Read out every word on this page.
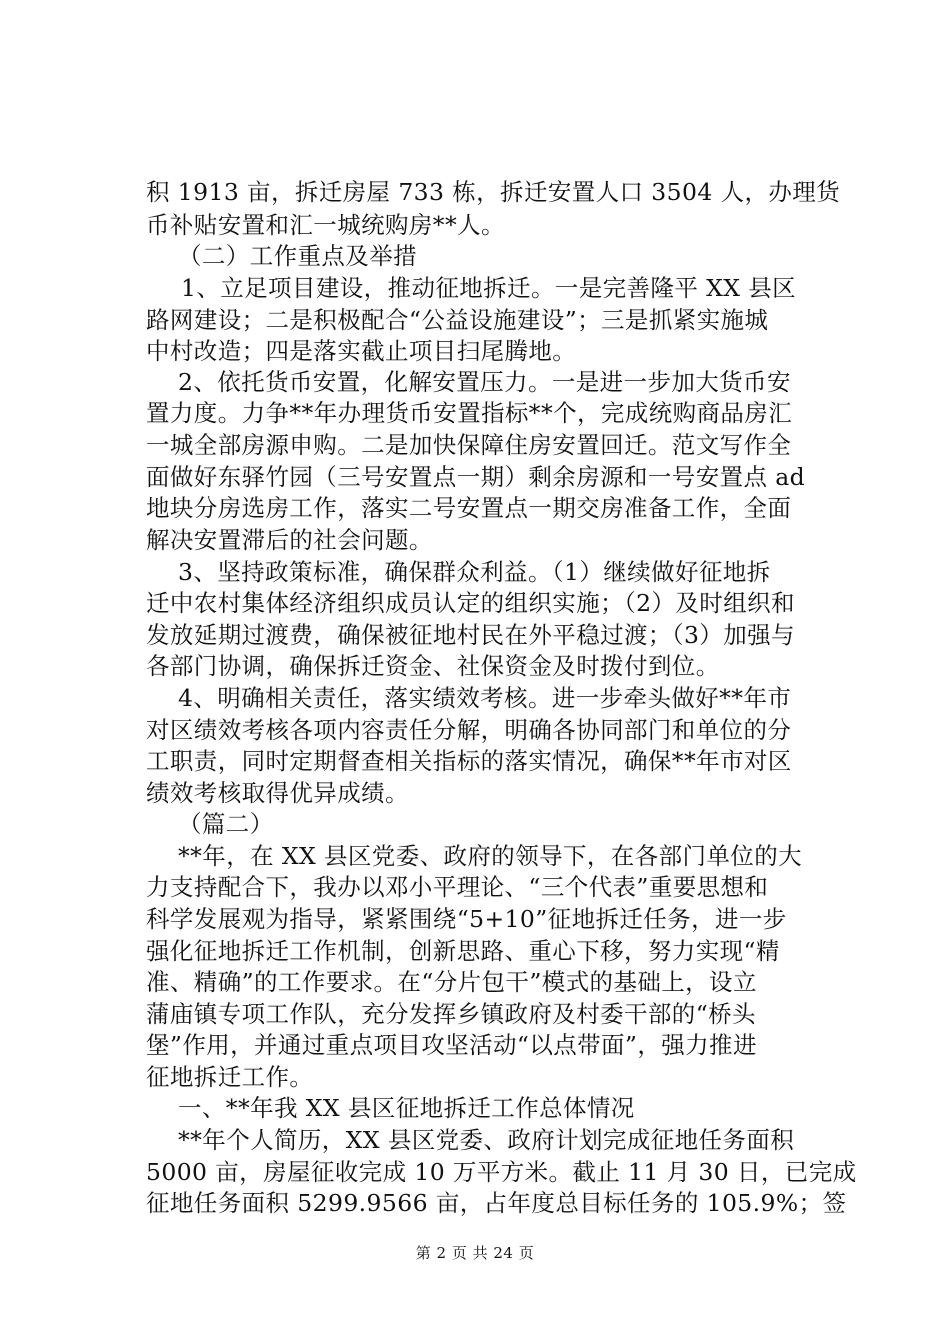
积 1913 亩，拆迁房屋 733 栋，拆迁安置人口 3504 人，办理货
币补贴安置和汇一城统购房**人。
（二）工作重点及举措
1、立足项目建设，推动征地拆迁。一是完善隆平 XX 县区
路网建设；二是积极配合“公益设施建设”；三是抓紧实施城
中村改造；四是落实截止项目扫尾腾地。
2、依托货币安置，化解安置压力。一是进一步加大货币安
置力度。力争**年办理货币安置指标**个，完成统购商品房汇
一城全部房源申购。二是加快保障住房安置回迁。范文写作全
面做好东驿竹园（三号安置点一期）剩余房源和一号安置点 ad
地块分房选房工作，落实二号安置点一期交房准备工作，全面
解决安置滞后的社会问题。
3、坚持政策标准，确保群众利益。（1）继续做好征地拆
迁中农村集体经济组织成员认定的组织实施；（2）及时组织和
发放延期过渡费，确保被征地村民在外平稳过渡；（3）加强与
各部门协调，确保拆迁资金、社保资金及时拨付到位。
4、明确相关责任，落实绩效考核。进一步牵头做好**年市
对区绩效考核各项内容责任分解，明确各协同部门和单位的分
工职责，同时定期督查相关指标的落实情况，确保**年市对区
绩效考核取得优异成绩。
（篇二）
**年，在 XX 县区党委、政府的领导下，在各部门单位的大
力支持配合下，我办以邓小平理论、“三个代表”重要思想和
科学发展观为指导，紧紧围绕“5+10”征地拆迁任务，进一步
强化征地拆迁工作机制，创新思路、重心下移，努力实现“精
准、精确”的工作要求。在“分片包干”模式的基础上，设立
蒲庙镇专项工作队，充分发挥乡镇政府及村委干部的“桥头
堡”作用，并通过重点项目攻坚活动“以点带面”，强力推进
征地拆迁工作。
一、**年我 XX 县区征地拆迁工作总体情况
**年个人简历，XX 县区党委、政府计划完成征地任务面积
5000 亩，房屋征收完成 10 万平方米。截止 11 月 30 日，已完成
征地任务面积 5299.9566 亩，占年度总目标任务的 105.9%；签
第 2 页 共 24 页
